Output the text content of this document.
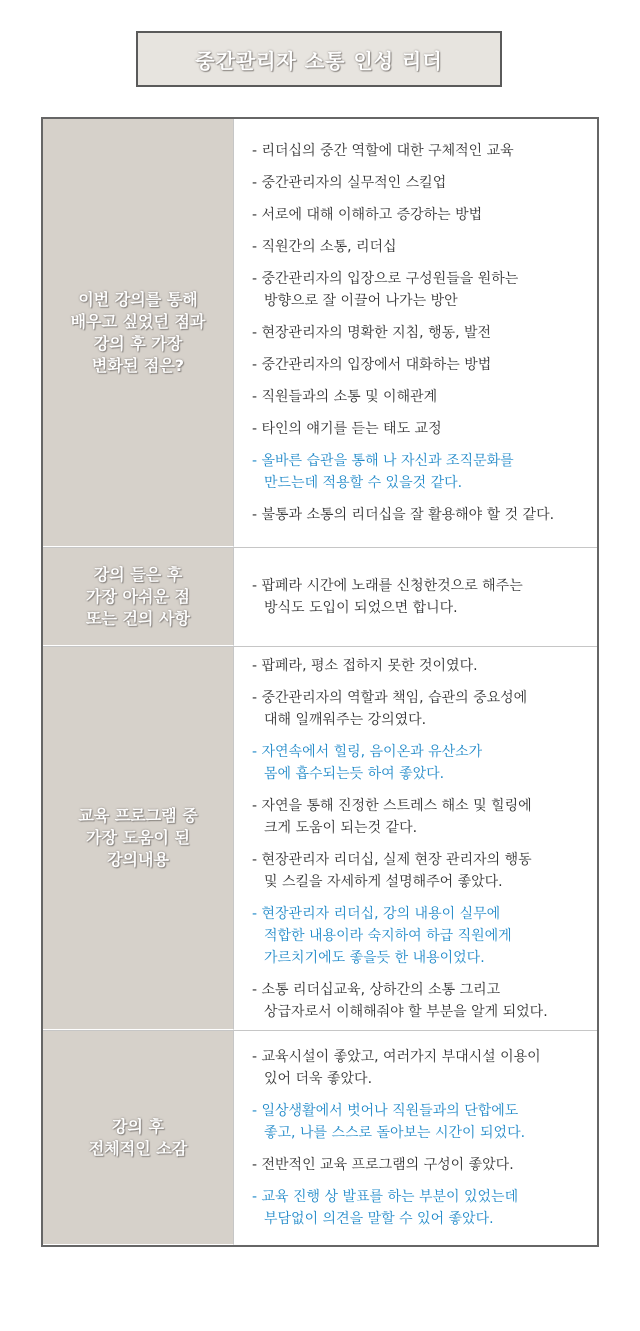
중간관리자 소통 인성 리더
이번 강의를 통해
배우고 싶었던 점과
강의 후 가장
변화된 점은?
- 리더십의 중간 역할에 대한 구체적인 교육
- 중간관리자의 실무적인 스킬업
- 서로에 대해 이해하고 증강하는 방법
- 직원간의 소통, 리더십
- 중간관리자의 입장으로 구성원들을 원하는
방향으로 잘 이끌어 나가는 방안
- 현장관리자의 명확한 지침, 행동, 발전
- 중간관리자의 입장에서 대화하는 방법
- 직원들과의 소통 및 이해관계
- 타인의 얘기를 듣는 태도 교정
- 올바른 습관을 통해 나 자신과 조직문화를
만드는데 적용할 수 있을것 같다.
- 불통과 소통의 리더십을 잘 활용해야 할 것 같다.
강의 들은 후
가장 아쉬운 점
또는 건의 사항
- 팝페라 시간에 노래를 신청한것으로 해주는
방식도 도입이 되었으면 합니다.
교육 프로그램 중
가장 도움이 된
강의내용
- 팝페라, 평소 접하지 못한 것이였다.
- 중간관리자의 역할과 책임, 습관의 중요성에
대해 일깨워주는 강의였다.
- 자연속에서 힐링, 음이온과 유산소가
몸에 흡수되는듯 하여 좋았다.
- 자연을 통해 진정한 스트레스 해소 및 힐링에
크게 도움이 되는것 같다.
- 현장관리자 리더십, 실제 현장 관리자의 행동
및 스킬을 자세하게 설명해주어 좋았다.
- 현장관리자 리더십, 강의 내용이 실무에
적합한 내용이라 숙지하여 하급 직원에게
가르치기에도 좋을듯 한 내용이었다.
- 소통 리더십교육, 상하간의 소통 그리고
상급자로서 이해해줘야 할 부분을 알게 되었다.
강의 후
전체적인 소감
- 교육시설이 좋았고, 여러가지 부대시설 이용이
있어 더욱 좋았다.
- 일상생활에서 벗어나 직원들과의 단합에도
좋고, 나를 스스로 돌아보는 시간이 되었다.
- 전반적인 교육 프로그램의 구성이 좋았다.
- 교육 진행 상 발표를 하는 부분이 있었는데
부담없이 의견을 말할 수 있어 좋았다.
